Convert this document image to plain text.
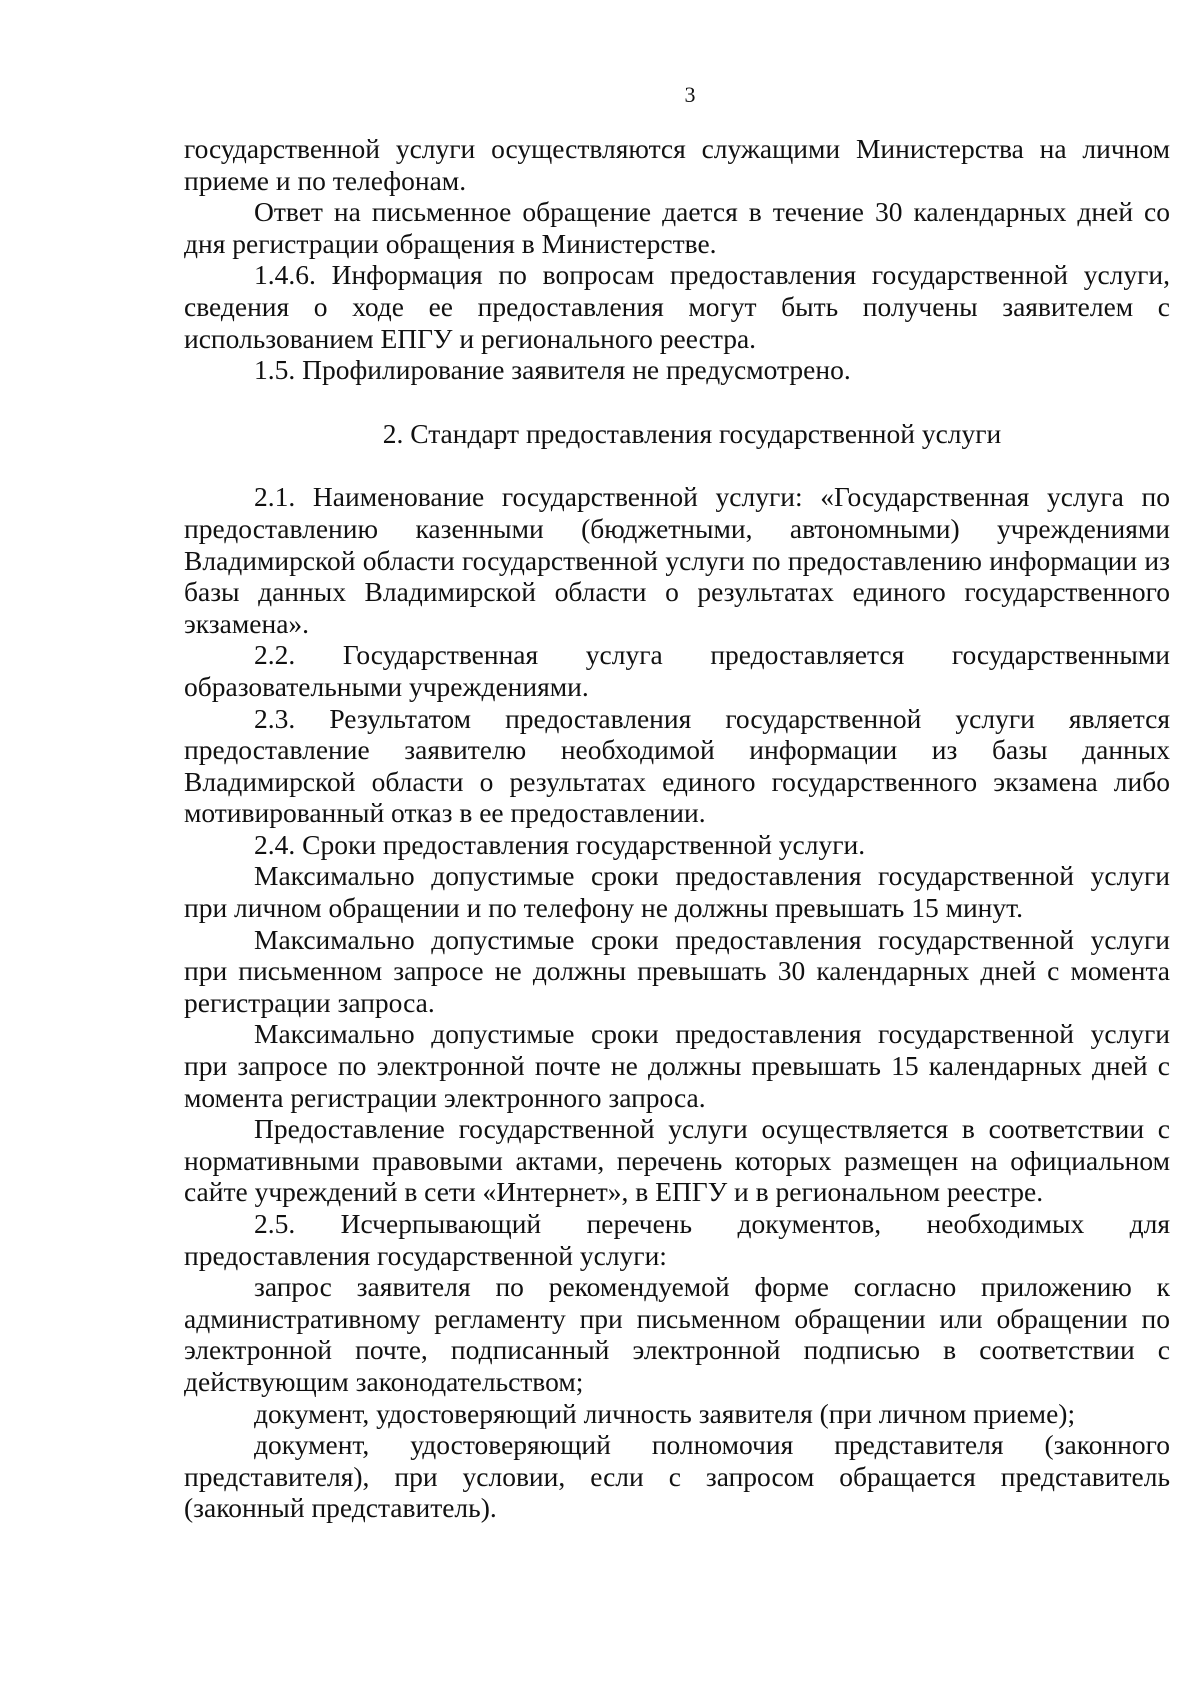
3

государственной услуги осуществляются служащими Министерства на личном приеме и по телефонам.

Ответ на письменное обращение дается в течение 30 календарных дней со дня регистрации обращения в Министерстве.

1.4.6. Информация по вопросам предоставления государственной услуги, сведения о ходе ее предоставления могут быть получены заявителем с использованием ЕПГУ и регионального реестра.

1.5. Профилирование заявителя не предусмотрено.

2. Стандарт предоставления государственной услуги

2.1. Наименование государственной услуги: «Государственная услуга по предоставлению казенными (бюджетными, автономными) учреждениями Владимирской области государственной услуги по предоставлению информации из базы данных Владимирской области о результатах единого государственного экзамена».

2.2. Государственная услуга предоставляется государственными образовательными учреждениями.

2.3. Результатом предоставления государственной услуги является предоставление заявителю необходимой информации из базы данных Владимирской области о результатах единого государственного экзамена либо мотивированный отказ в ее предоставлении.

2.4. Сроки предоставления государственной услуги.

Максимально допустимые сроки предоставления государственной услуги при личном обращении и по телефону не должны превышать 15 минут.

Максимально допустимые сроки предоставления государственной услуги при письменном запросе не должны превышать 30 календарных дней с момента регистрации запроса.

Максимально допустимые сроки предоставления государственной услуги при запросе по электронной почте не должны превышать 15 календарных дней с момента регистрации электронного запроса.

Предоставление государственной услуги осуществляется в соответствии с нормативными правовыми актами, перечень которых размещен на официальном сайте учреждений в сети «Интернет», в ЕПГУ и в региональном реестре.

2.5. Исчерпывающий перечень документов, необходимых для предоставления государственной услуги:

запрос заявителя по рекомендуемой форме согласно приложению к административному регламенту при письменном обращении или обращении по электронной почте, подписанный электронной подписью в соответствии с действующим законодательством;

документ, удостоверяющий личность заявителя (при личном приеме);

документ, удостоверяющий полномочия представителя (законного представителя), при условии, если с запросом обращается представитель (законный представитель).
